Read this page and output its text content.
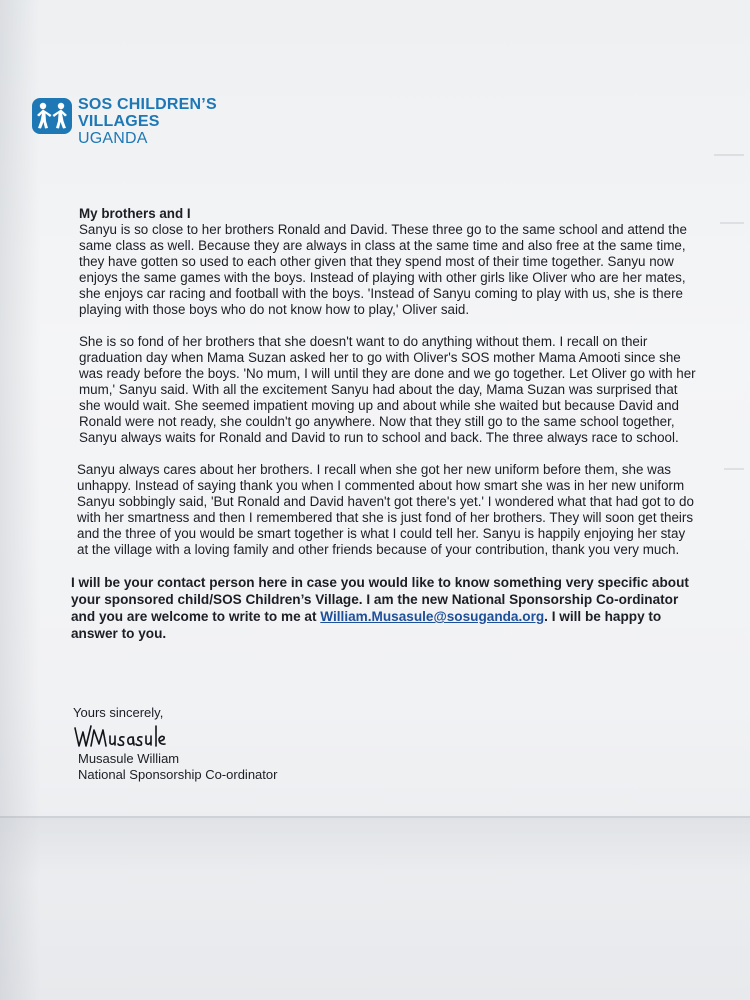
SOS CHILDREN’S
VILLAGES
UGANDA

My brothers and I

Sanyu is so close to her brothers Ronald and David. These three go to the same school and attend the same class as well. Because they are always in class at the same time and also free at the same time, they have gotten so used to each other given that they spend most of their time together. Sanyu now enjoys the same games with the boys. Instead of playing with other girls like Oliver who are her mates, she enjoys car racing and football with the boys. 'Instead of Sanyu coming to play with us, she is there playing with those boys who do not know how to play,' Oliver said.

She is so fond of her brothers that she doesn't want to do anything without them. I recall on their graduation day when Mama Suzan asked her to go with Oliver's SOS mother Mama Amooti since she was ready before the boys. 'No mum, I will until they are done and we go together. Let Oliver go with her mum,' Sanyu said. With all the excitement Sanyu had about the day, Mama Suzan was surprised that she would wait. She seemed impatient moving up and about while she waited but because David and Ronald were not ready, she couldn't go anywhere. Now that they still go to the same school together, Sanyu always waits for Ronald and David to run to school and back. The three always race to school.

Sanyu always cares about her brothers. I recall when she got her new uniform before them, she was unhappy. Instead of saying thank you when I commented about how smart she was in her new uniform Sanyu sobbingly said, 'But Ronald and David haven't got there's yet.' I wondered what that had got to do with her smartness and then I remembered that she is just fond of her brothers. They will soon get theirs and the three of you would be smart together is what I could tell her. Sanyu is happily enjoying her stay at the village with a loving family and other friends because of your contribution, thank you very much.

I will be your contact person here in case you would like to know something very specific about your sponsored child/SOS Children’s Village. I am the new National Sponsorship Co-ordinator and you are welcome to write to me at William.Musasule@sosuganda.org. I will be happy to answer to you.

Yours sincerely,
Musasule William
National Sponsorship Co-ordinator
